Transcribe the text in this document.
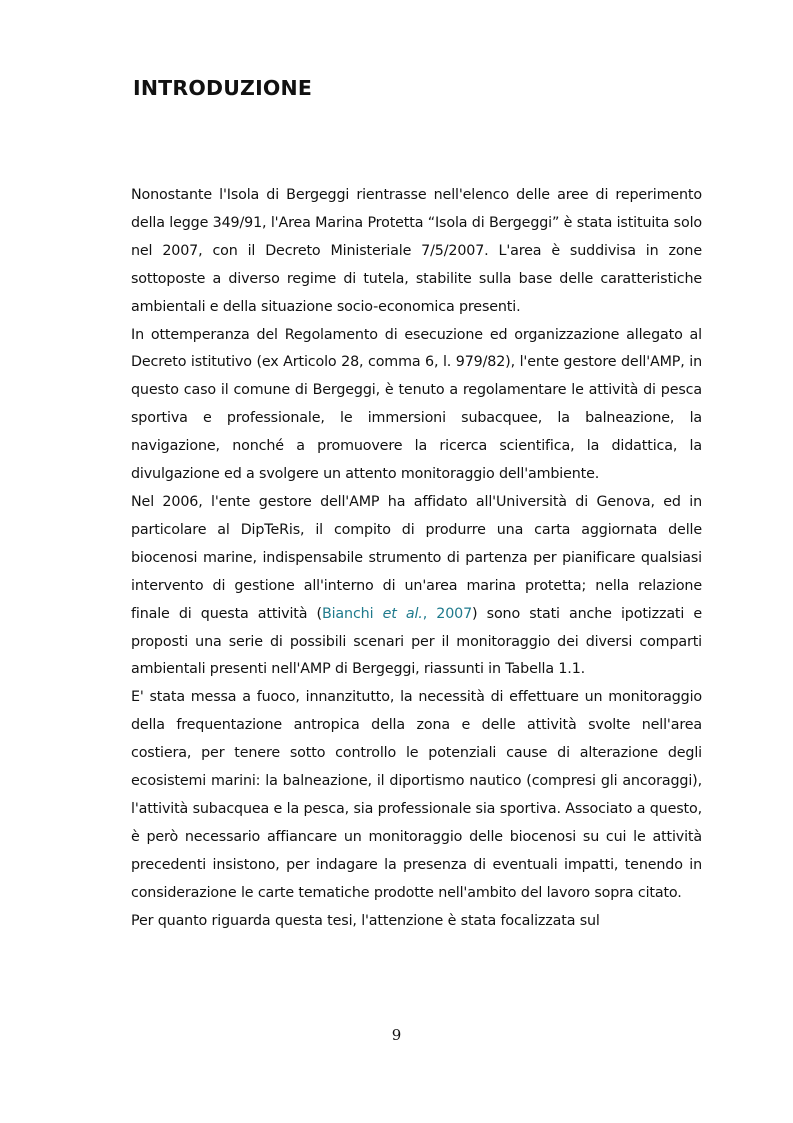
INTRODUZIONE

Nonostante l'Isola di Bergeggi rientrasse nell'elenco delle aree di reperimento della legge 349/91, l'Area Marina Protetta “Isola di Bergeggi” è stata istituita solo nel 2007, con il Decreto Ministeriale 7/5/2007. L'area è suddivisa in zone sottoposte a diverso regime di tutela, stabilite sulla base delle caratteristiche ambientali e della situazione socio-economica presenti.

In ottemperanza del Regolamento di esecuzione ed organizzazione allegato al Decreto istitutivo (ex Articolo 28, comma 6, l. 979/82), l'ente gestore dell'AMP, in questo caso il comune di Bergeggi, è tenuto a regolamentare le attività di pesca sportiva e professionale, le immersioni subacquee, la balneazione, la navigazione, nonché a promuovere la ricerca scientifica, la didattica, la divulgazione ed a svolgere un attento monitoraggio dell'ambiente.

Nel 2006, l'ente gestore dell'AMP ha affidato all'Università di Genova, ed in particolare al DipTeRis, il compito di produrre una carta aggiornata delle biocenosi marine, indispensabile strumento di partenza per pianificare qualsiasi intervento di gestione all'interno di un'area marina protetta; nella relazione finale di questa attività (Bianchi et al., 2007) sono stati anche ipotizzati e proposti una serie di possibili scenari per il monitoraggio dei diversi comparti ambientali presenti nell'AMP di Bergeggi, riassunti in Tabella 1.1.

E' stata messa a fuoco, innanzitutto, la necessità di effettuare un monitoraggio della frequentazione antropica della zona e delle attività svolte nell'area costiera, per tenere sotto controllo le potenziali cause di alterazione degli ecosistemi marini: la balneazione, il diportismo nautico (compresi gli ancoraggi), l'attività subacquea e la pesca, sia professionale sia sportiva. Associato a questo, è però necessario affiancare un monitoraggio delle biocenosi su cui le attività precedenti insistono, per indagare la presenza di eventuali impatti, tenendo in considerazione le carte tematiche prodotte nell'ambito del lavoro sopra citato.

Per quanto riguarda questa tesi, l'attenzione è stata focalizzata sul

9
